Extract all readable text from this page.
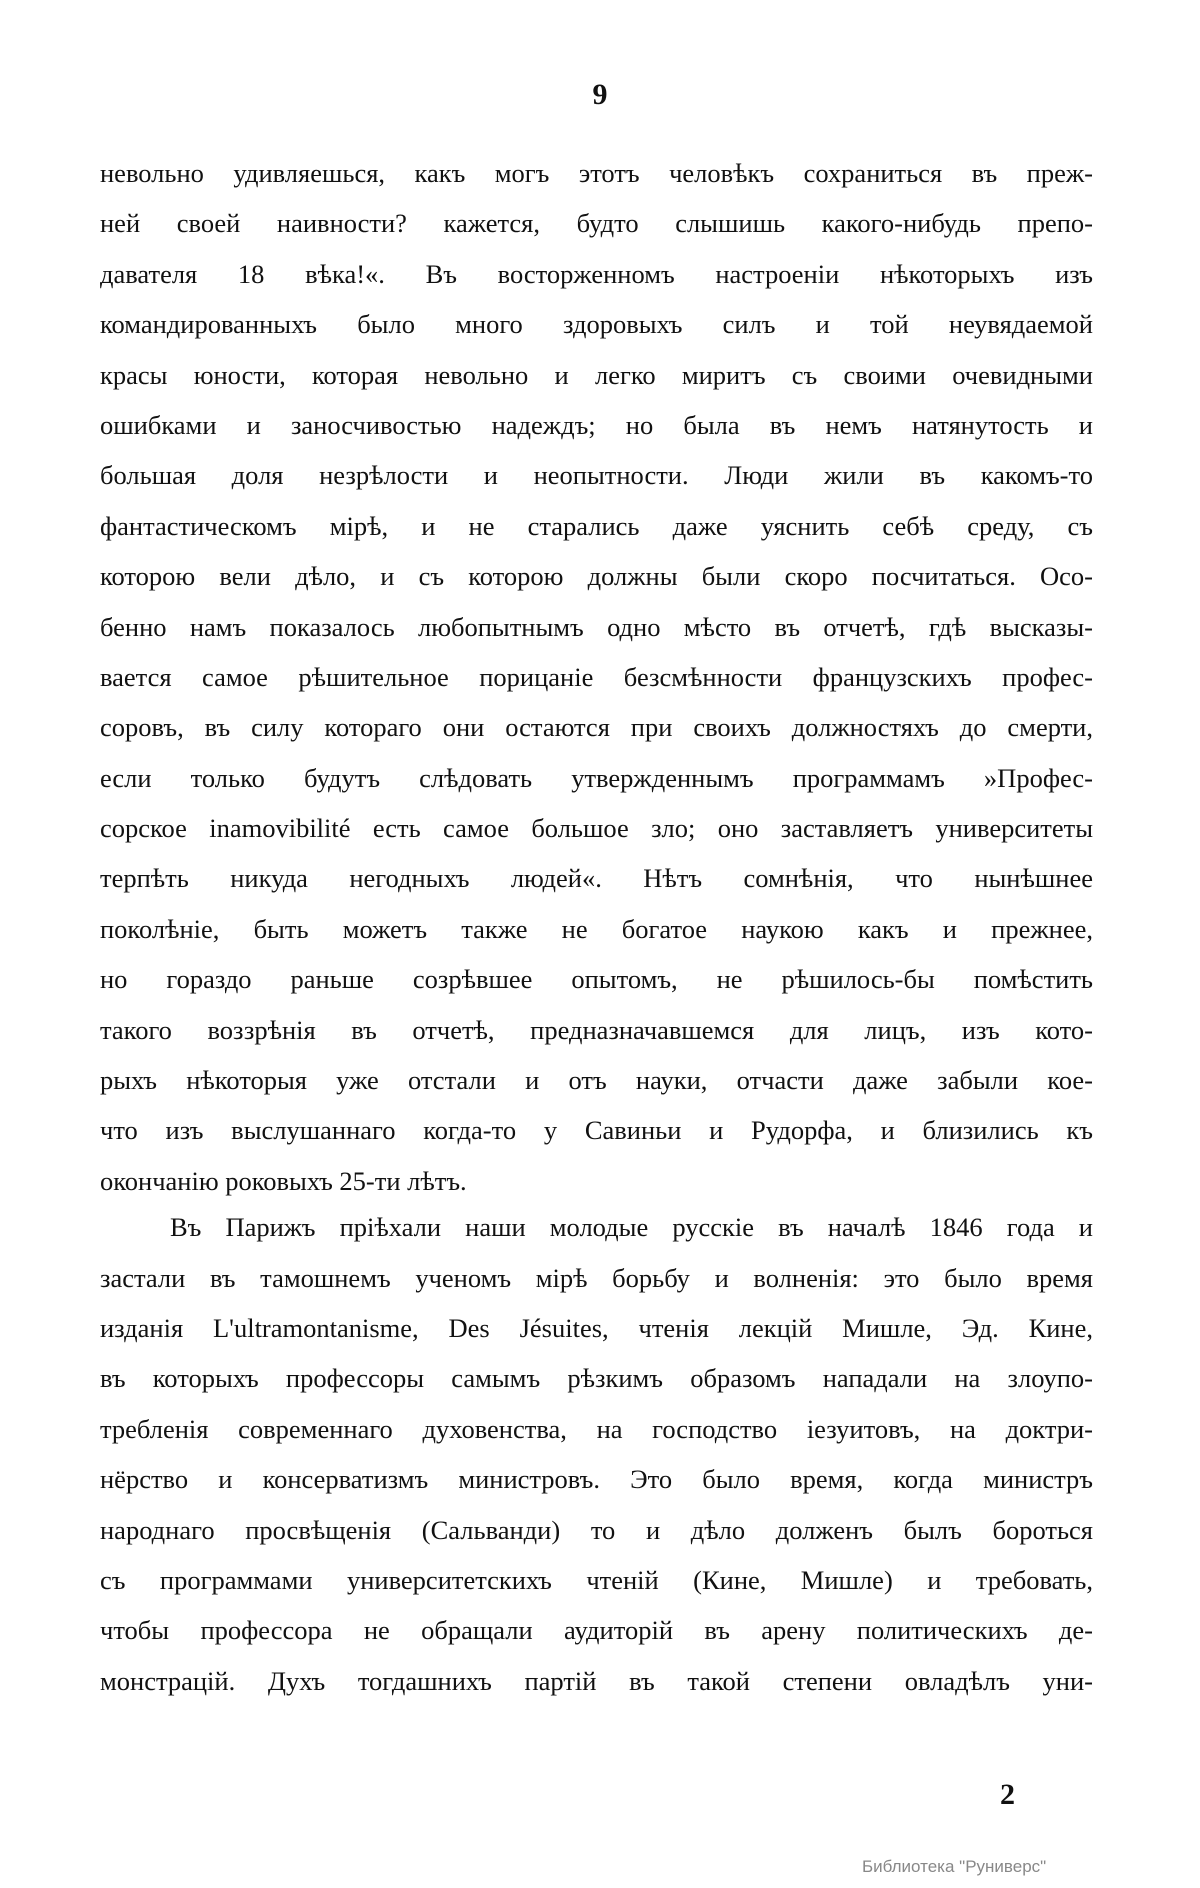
9
невольно удивляешься, какъ могъ этотъ человѣкъ сохраниться въ преж-
ней своей наивности? кажется, будто слышишь какого-нибудь препо-
давателя 18 вѣка!«. Въ восторженномъ настроеніи нѣкоторыхъ изъ
командированныхъ было много здоровыхъ силъ и той неувядаемой
красы юности, которая невольно и легко миритъ съ своими очевидными
ошибками и заносчивостью надеждъ; но была въ немъ натянутость и
большая доля незрѣлости и неопытности. Люди жили въ какомъ-то
фантастическомъ мірѣ, и не старались даже уяснить себѣ среду, съ
которою вели дѣло, и съ которою должны были скоро посчитаться. Осо-
бенно намъ показалось любопытнымъ одно мѣсто въ отчетѣ, гдѣ высказы-
вается самое рѣшительное порицаніе безсмѣнности французскихъ профес-
соровъ, въ силу котораго они остаются при своихъ должностяхъ до смерти,
если только будутъ слѣдовать утвержденнымъ программамъ »Профес-
сорское inamovibilité есть самое большое зло; оно заставляетъ университеты
терпѣть никуда негодныхъ людей«. Нѣтъ сомнѣнія, что нынѣшнее
поколѣніе, быть можетъ также не богатое наукою какъ и прежнее,
но гораздо раньше созрѣвшее опытомъ, не рѣшилось-бы помѣстить
такого воззрѣнія въ отчетѣ, предназначавшемся для лицъ, изъ кото-
рыхъ нѣкоторыя уже отстали и отъ науки, отчасти даже забыли кое-
что изъ выслушаннаго когда-то у Савиньи и Рудорфа, и близились къ
окончанію роковыхъ 25-ти лѣтъ.
Въ Парижъ пріѣхали наши молодые русскіе въ началѣ 1846 года и
застали въ тамошнемъ ученомъ мірѣ борьбу и волненія: это было время
изданія L'ultramontanisme, Des Jésuites, чтенія лекцій Мишле, Эд. Кине,
въ которыхъ профессоры самымъ рѣзкимъ образомъ нападали на злоупо-
требленія современнаго духовенства, на господство іезуитовъ, на доктри-
нёрство и консерватизмъ министровъ. Это было время, когда министръ
народнаго просвѣщенія (Сальванди) то и дѣло долженъ былъ бороться
съ программами университетскихъ чтеній (Кине, Мишле) и требовать,
чтобы профессора не обращали аудиторій въ арену политическихъ де-
монстрацій. Духъ тогдашнихъ партій въ такой степени овладѣлъ уни-
2
Библиотека "Руниверс"
